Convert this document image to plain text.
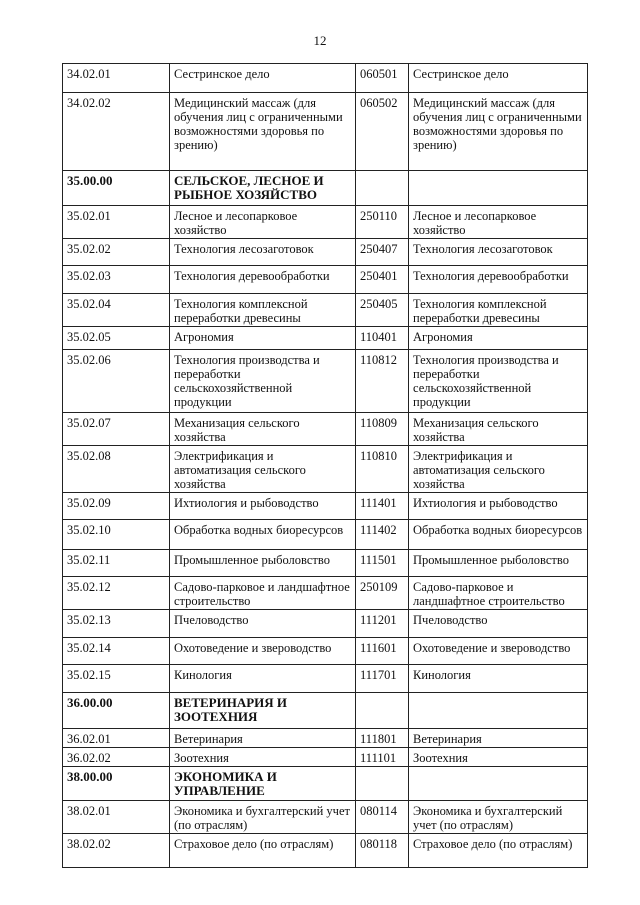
12
34.02.01	Сестринское дело	060501	Сестринское дело
34.02.02	Медицинский массаж (для обучения лиц с ограниченными возможностями здоровья по зрению)	060502	Медицинский массаж (для обучения лиц с ограниченными возможностями здоровья по зрению)
35.00.00	СЕЛЬСКОЕ, ЛЕСНОЕ И РЫБНОЕ ХОЗЯЙСТВО		
35.02.01	Лесное и лесопарковое хозяйство	250110	Лесное и лесопарковое хозяйство
35.02.02	Технология лесозаготовок	250407	Технология лесозаготовок
35.02.03	Технология деревообработки	250401	Технология деревообработки
35.02.04	Технология комплексной переработки древесины	250405	Технология комплексной переработки древесины
35.02.05	Агрономия	110401	Агрономия
35.02.06	Технология производства и переработки сельскохозяйственной продукции	110812	Технология производства и переработки сельскохозяйственной продукции
35.02.07	Механизация сельского хозяйства	110809	Механизация сельского хозяйства
35.02.08	Электрификация и автоматизация сельского хозяйства	110810	Электрификация и автоматизация сельского хозяйства
35.02.09	Ихтиология и рыбоводство	111401	Ихтиология и рыбоводство
35.02.10	Обработка водных биоресурсов	111402	Обработка водных биоресурсов
35.02.11	Промышленное рыболовство	111501	Промышленное рыболовство
35.02.12	Садово-парковое и ландшафтное строительство	250109	Садово-парковое и ландшафтное строительство
35.02.13	Пчеловодство	111201	Пчеловодство
35.02.14	Охотоведение и звероводство	111601	Охотоведение и звероводство
35.02.15	Кинология	111701	Кинология
36.00.00	ВЕТЕРИНАРИЯ И ЗООТЕХНИЯ		
36.02.01	Ветеринария	111801	Ветеринария
36.02.02	Зоотехния	111101	Зоотехния
38.00.00	ЭКОНОМИКА И УПРАВЛЕНИЕ		
38.02.01	Экономика и бухгалтерский учет (по отраслям)	080114	Экономика и бухгалтерский учет (по отраслям)
38.02.02	Страховое дело (по отраслям)	080118	Страховое дело (по отраслям)
